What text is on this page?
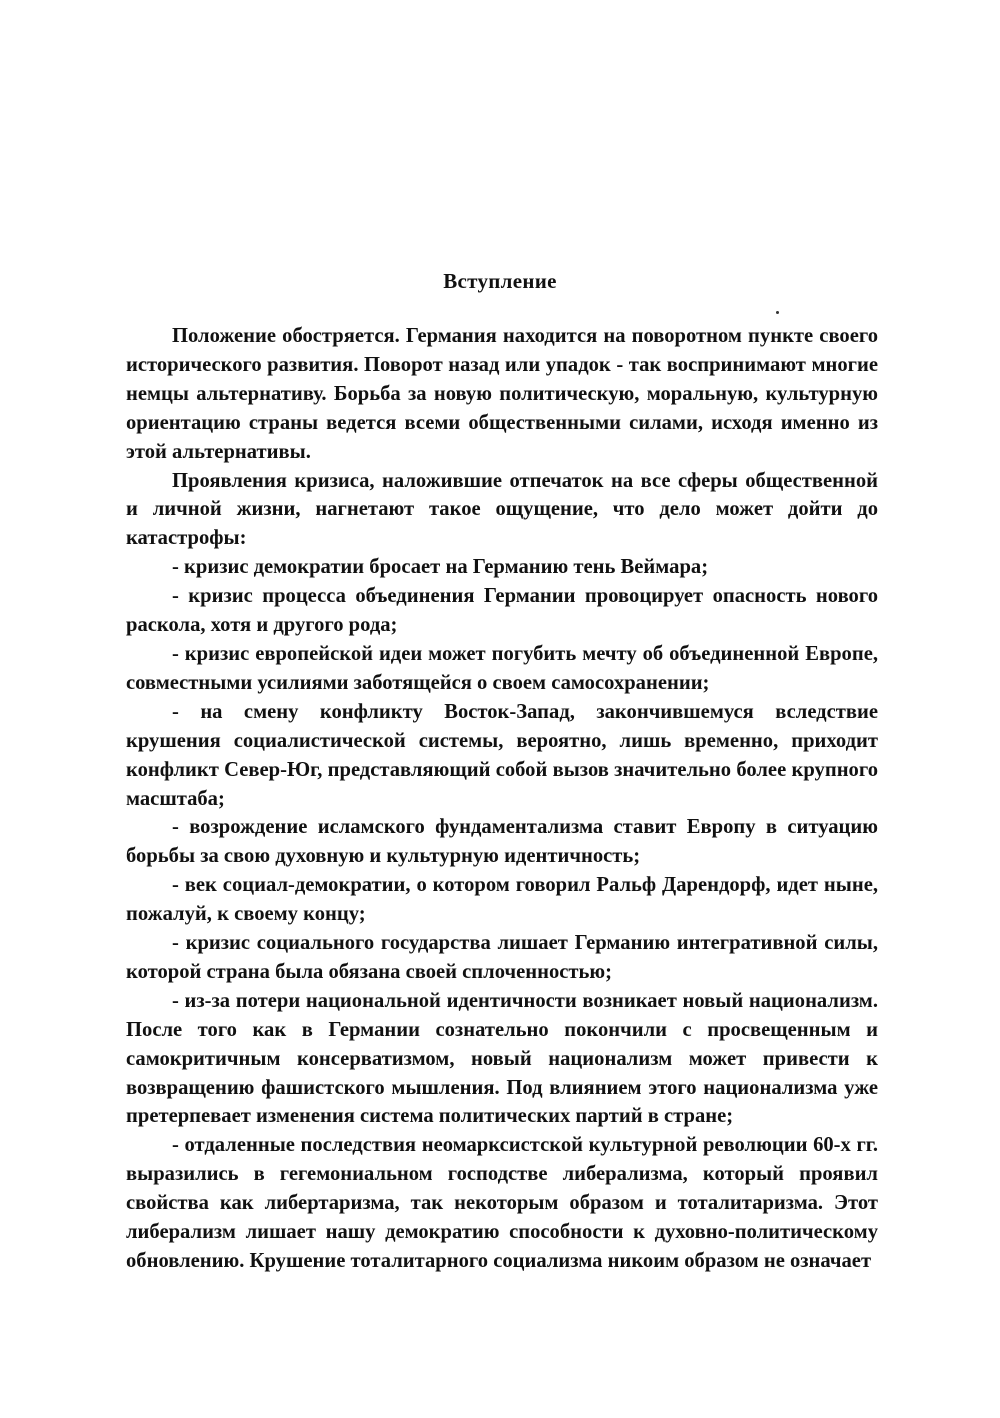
Вступление

Положение обостряется. Германия находится на поворотном пункте своего исторического развития. Поворот назад или упадок - так воспринимают многие немцы альтернативу. Борьба за новую политическую, моральную, культурную ориентацию страны ведется всеми общественными силами, исходя именно из этой альтернативы.

Проявления кризиса, наложившие отпечаток на все сферы общественной и личной жизни, нагнетают такое ощущение, что дело может дойти до катастрофы:

- кризис демократии бросает на Германию тень Веймара;

- кризис процесса объединения Германии провоцирует опасность нового раскола, хотя и другого рода;

- кризис европейской идеи может погубить мечту об объединенной Европе, совместными усилиями заботящейся о своем самосохранении;

- на смену конфликту Восток-Запад, закончившемуся вследствие крушения социалистической системы, вероятно, лишь временно, приходит конфликт Север-Юг, представляющий собой вызов значительно более крупного масштаба;

- возрождение исламского фундаментализма ставит Европу в ситуацию борьбы за свою духовную и культурную идентичность;

- век социал-демократии, о котором говорил Ральф Дарендорф, идет ныне, пожалуй, к своему концу;

- кризис социального государства лишает Германию интегративной силы, которой страна была обязана своей сплоченностью;

- из-за потери национальной идентичности возникает новый национализм. После того как в Германии сознательно покончили с просвещенным и самокритичным консерватизмом, новый национализм может привести к возвращению фашистского мышления. Под влиянием этого национализма уже претерпевает изменения система политических партий в стране;

- отдаленные последствия неомарксистской культурной революции 60-х гг. выразились в гегемониальном господстве либерализма, который проявил свойства как либертаризма, так некоторым образом и тоталитаризма. Этот либерализм лишает нашу демократию способности к духовно-политическому обновлению. Крушение тоталитарного социализма никоим образом не означает
